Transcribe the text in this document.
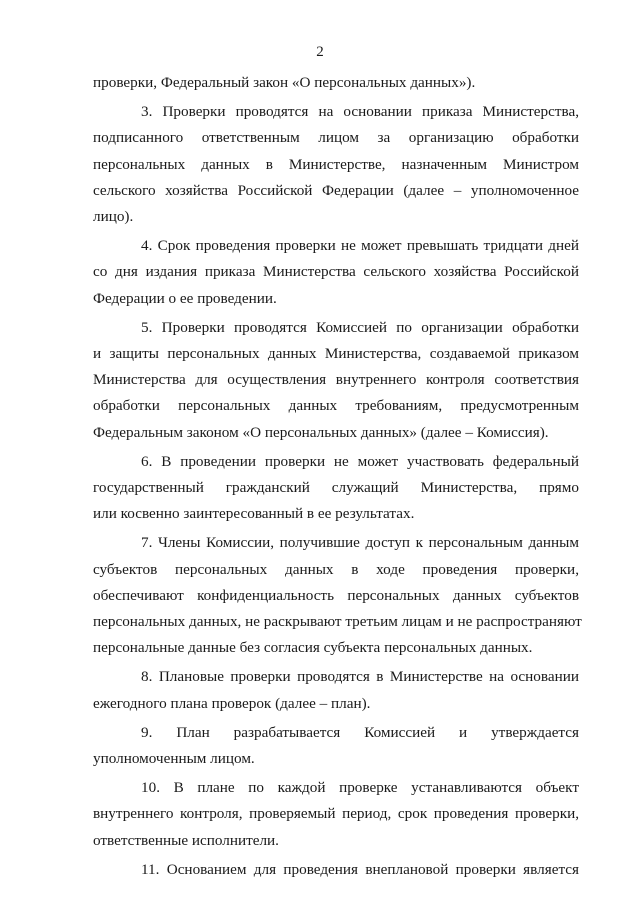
2
проверки, Федеральный закон «О персональных данных»).
3. Проверки проводятся на основании приказа Министерства,
подписанного ответственным лицом за организацию обработки
персональных данных в Министерстве, назначенным Министром
сельского хозяйства Российской Федерации (далее – уполномоченное
лицо).
4. Срок проведения проверки не может превышать тридцати дней
со дня издания приказа Министерства сельского хозяйства Российской
Федерации о ее проведении.
5. Проверки проводятся Комиссией по организации обработки
и защиты персональных данных Министерства, создаваемой приказом
Министерства для осуществления внутреннего контроля соответствия
обработки персональных данных требованиям, предусмотренным
Федеральным законом «О персональных данных» (далее – Комиссия).
6. В проведении проверки не может участвовать федеральный
государственный гражданский служащий Министерства, прямо
или косвенно заинтересованный в ее результатах.
7. Члены Комиссии, получившие доступ к персональным данным
субъектов персональных данных в ходе проведения проверки,
обеспечивают конфиденциальность персональных данных субъектов
персональных данных, не раскрывают третьим лицам и не распространяют
персональные данные без согласия субъекта персональных данных.
8. Плановые проверки проводятся в Министерстве на основании
ежегодного плана проверок (далее – план).
9. План разрабатывается Комиссией и утверждается
уполномоченным лицом.
10. В плане по каждой проверке устанавливаются объект
внутреннего контроля, проверяемый период, срок проведения проверки,
ответственные исполнители.
11. Основанием для проведения внеплановой проверки является
